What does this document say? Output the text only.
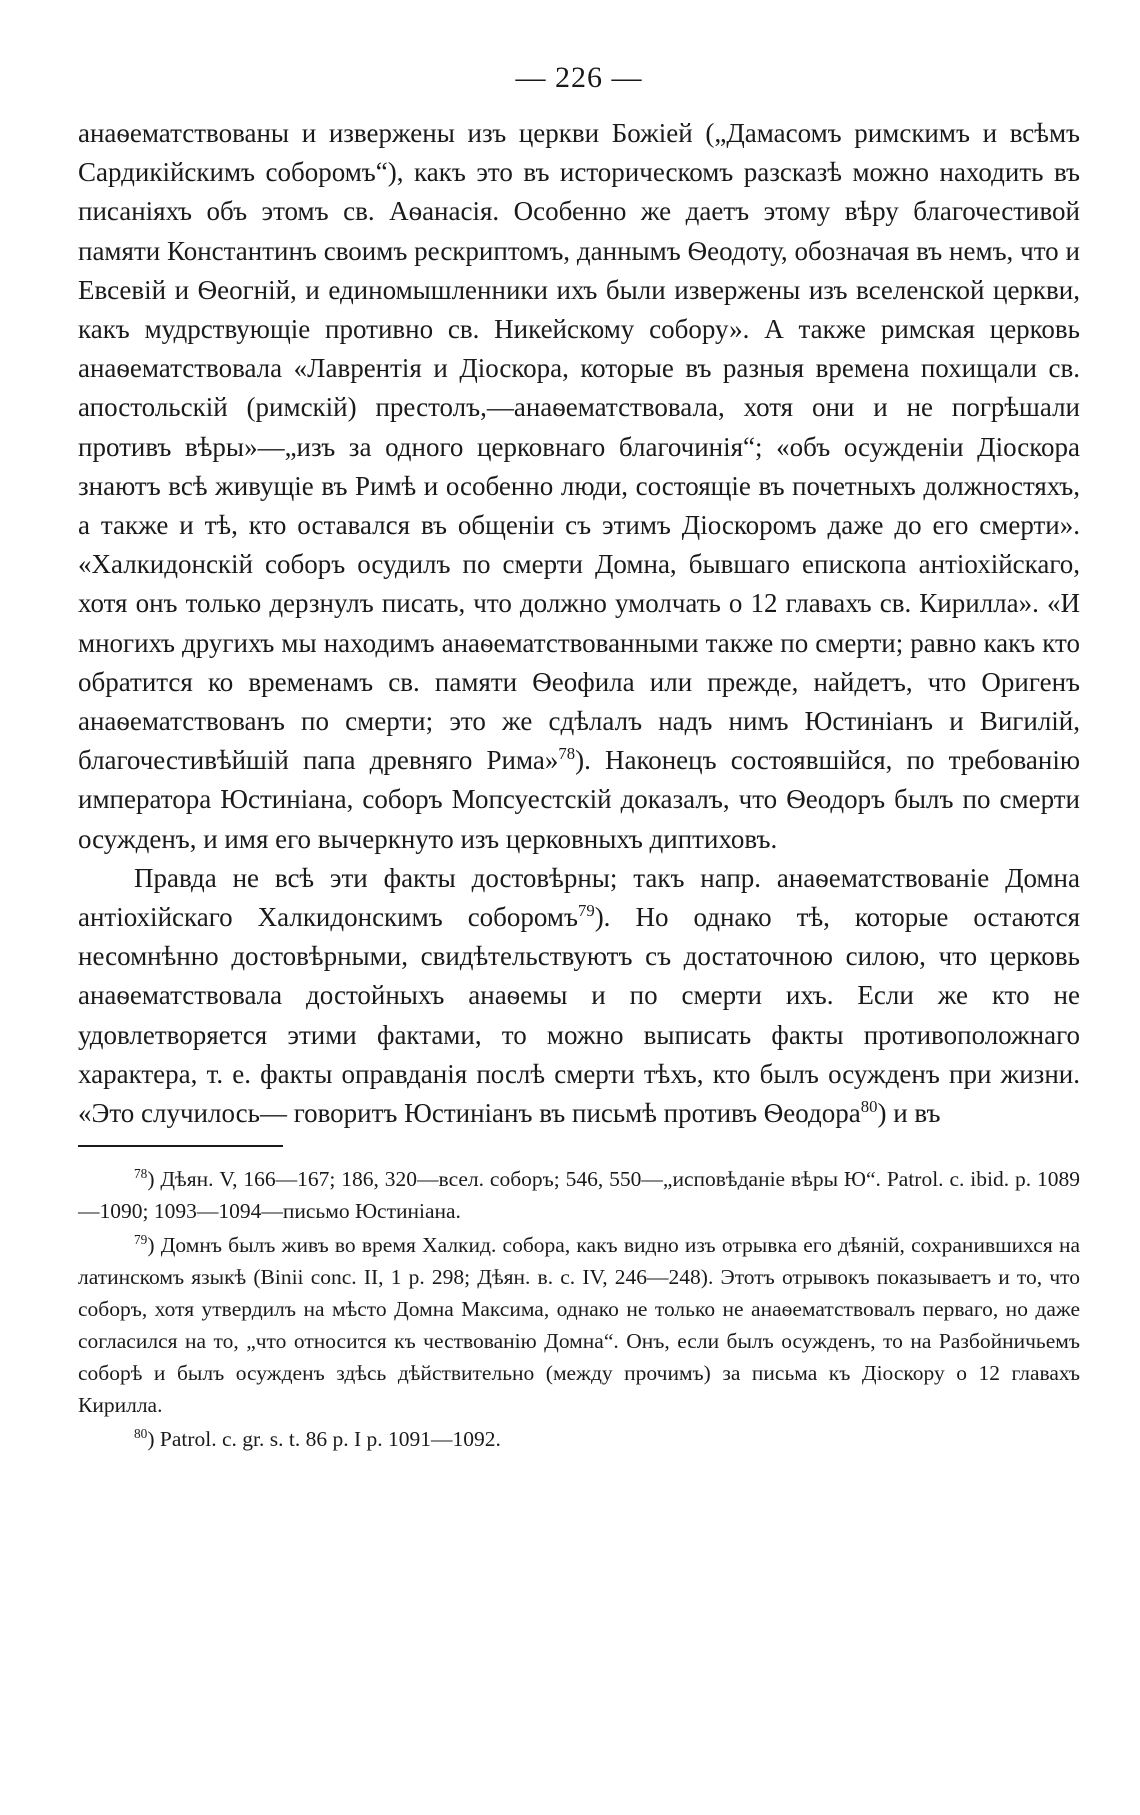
— 226 —

анаѳематствованы и извержены изъ церкви Божіей („Дамасомъ римскимъ и всѣмъ Сардикійскимъ соборомъ“), какъ это въ историческомъ разсказѣ можно находить въ писаніяхъ объ этомъ св. Аѳанасія. Особенно же даетъ этому вѣру благочестивой памяти Константинъ своимъ рескриптомъ, даннымъ Ѳеодоту, обозначая въ немъ, что и Евсевій и Ѳеогній, и единомышленники ихъ были извержены изъ вселенской церкви, какъ мудрствующіе противно св. Никейскому собору». А также римская церковь анаѳематствовала «Лаврентія и Діоскора, которые въ разныя времена похищали св. апостольскій (римскій) престолъ,—анаѳематствовала, хотя они и не погрѣшали противъ вѣры»—„изъ за одного церковнаго благочинія“; «объ осужденіи Діоскора знаютъ всѣ живущіе въ Римѣ и особенно люди, состоящіе въ почетныхъ должностяхъ, а также и тѣ, кто оставался въ общеніи съ этимъ Діоскоромъ даже до его смерти». «Халкидонскій соборъ осудилъ по смерти Домна, бывшаго епископа антіохійскаго, хотя онъ только дерзнулъ писать, что должно умолчать о 12 главахъ св. Кирилла». «И многихъ другихъ мы находимъ анаѳематствованными также по смерти; равно какъ кто обратится ко временамъ св. памяти Ѳеофила или прежде, найдетъ, что Оригенъ анаѳематствованъ по смерти; это же сдѣлалъ надъ нимъ Юстиніанъ и Вигилій, благочестивѣйшій папа древняго Рима»$^{78}$). Наконецъ состоявшійся, по требованію императора Юстиніана, соборъ Мопсуестскій доказалъ, что Ѳеодоръ былъ по смерти осужденъ, и имя его вычеркнуто изъ церковныхъ диптиховъ.

Правда не всѣ эти факты достовѣрны; такъ напр. анаѳематствованіе Домна антіохійскаго Халкидонскимъ соборомъ$^{79}$). Но однако тѣ, которые остаются несомнѣнно достовѣрными, свидѣтельствуютъ съ достаточною силою, что церковь анаѳематствовала достойныхъ анаѳемы и по смерти ихъ. Если же кто не удовлетворяется этими фактами, то можно выписать факты противоположнаго характера, т. е. факты оправданія послѣ смерти тѣхъ, кто былъ осужденъ при жизни. «Это случилось— говоритъ Юстиніанъ въ письмѣ противъ Ѳеодора$^{80}$) и въ

$^{78}$) Дѣян. V, 166—167; 186, 320—всел. соборъ; 546, 550—„исповѣданіе вѣры Ю“. Patrol. c. ibid. p. 1089—1090; 1093—1094—письмо Юстиніана.

$^{79}$) Домнъ былъ живъ во время Халкид. собора, какъ видно изъ отрывка его дѣяній, сохранившихся на латинскомъ языкѣ (Binii conc. II, 1 p. 298; Дѣян. в. с. IV, 246—248). Этотъ отрывокъ показываетъ и то, что соборъ, хотя утвердилъ на мѣсто Домна Максима, однако не только не анаѳематствовалъ перваго, но даже согласился на то, „что относится къ чествованію Домна“. Онъ, если былъ осужденъ, то на Разбойничьемъ соборѣ и былъ осужденъ здѣсь дѣйствительно (между прочимъ) за письма къ Діоскору о 12 главахъ Кирилла.

$^{80}$) Patrol. c. gr. s. t. 86 p. I p. 1091—1092.
